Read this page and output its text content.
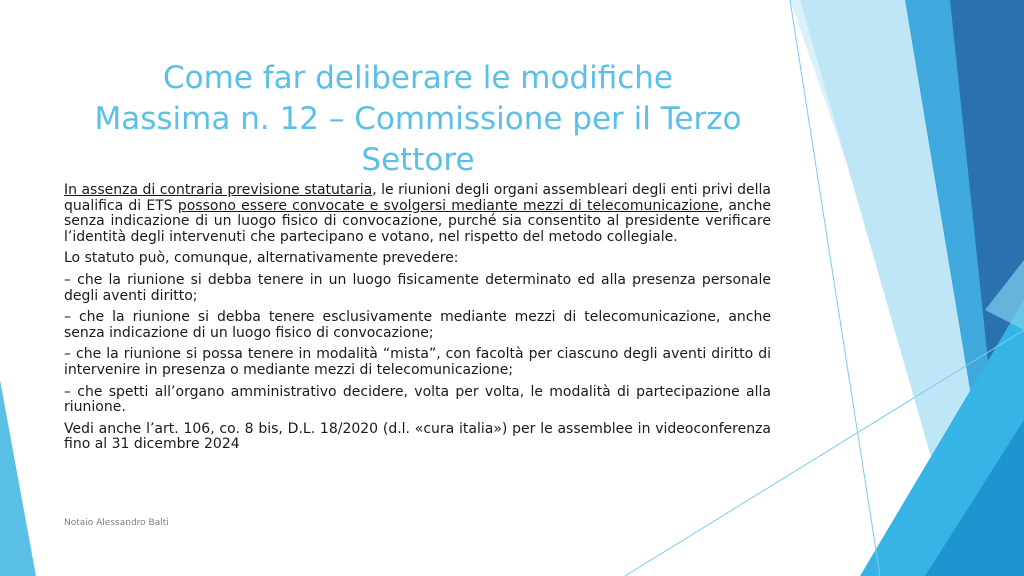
Come far deliberare le modifiche
Massima n. 12 – Commissione per il Terzo
Settore

In assenza di contraria previsione statutaria, le riunioni degli organi assembleari degli enti privi della qualifica di ETS possono essere convocate e svolgersi mediante mezzi di telecomunicazione, anche senza indicazione di un luogo fisico di convocazione, purché sia consentito al presidente verificare l’identità degli intervenuti che partecipano e votano, nel rispetto del metodo collegiale.

Lo statuto può, comunque, alternativamente prevedere:

– che la riunione si debba tenere in un luogo fisicamente determinato ed alla presenza personale degli aventi diritto;

– che la riunione si debba tenere esclusivamente mediante mezzi di telecomunicazione, anche senza indicazione di un luogo fisico di convocazione;

– che la riunione si possa tenere in modalità “mista”, con facoltà per ciascuno degli aventi diritto di intervenire in presenza o mediante mezzi di telecomunicazione;

– che spetti all’organo amministrativo decidere, volta per volta, le modalità di partecipazione alla riunione.

Vedi anche l’art. 106, co. 8 bis, D.L. 18/2020 (d.l. «cura italia») per le assemblee in videoconferenza fino al 31 dicembre 2024

Notaio Alessandro Balti
